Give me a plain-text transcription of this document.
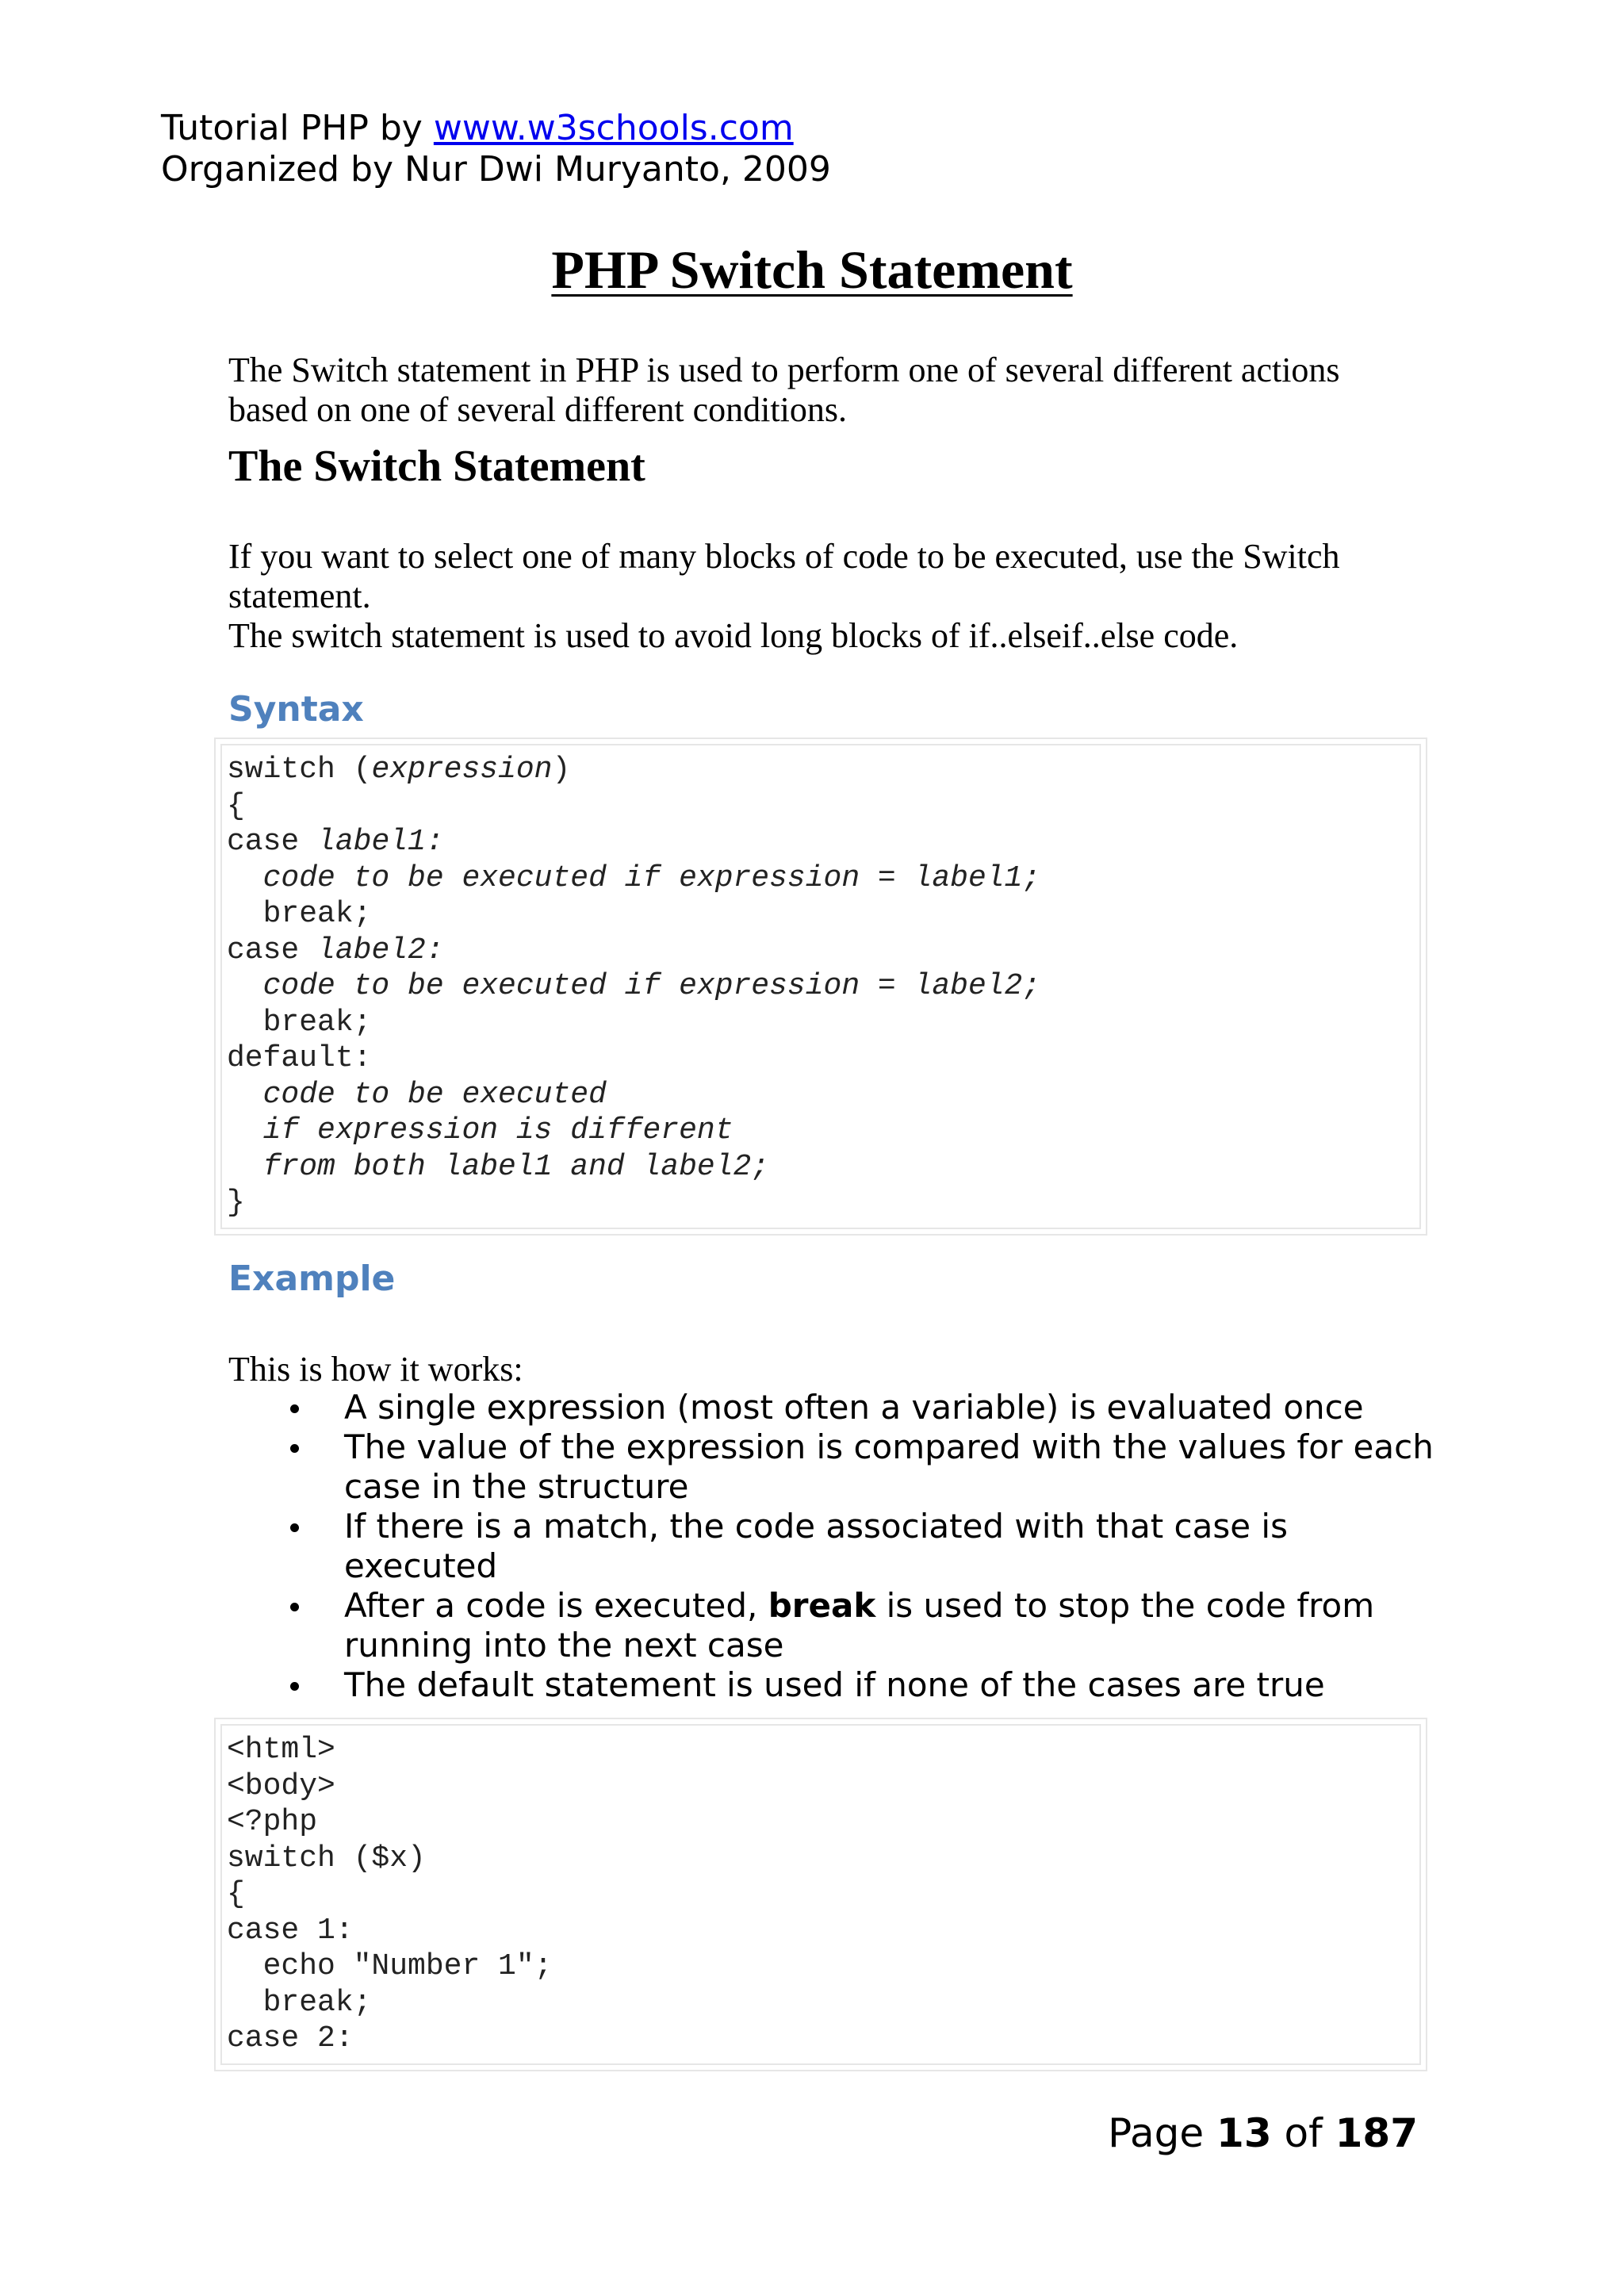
Tutorial PHP by www.w3schools.com
Organized by Nur Dwi Muryanto, 2009
PHP Switch Statement
The Switch statement in PHP is used to perform one of several different actions based on one of several different conditions.
The Switch Statement
If you want to select one of many blocks of code to be executed, use the Switch statement.
The switch statement is used to avoid long blocks of if..elseif..else code.
Syntax
switch (expression)
{
case label1:
code to be executed if expression = label1;
break;
case label2:
code to be executed if expression = label2;
break;
default:
code to be executed
if expression is different
from both label1 and label2;
}
Example
This is how it works:
A single expression (most often a variable) is evaluated once
The value of the expression is compared with the values for each case in the structure
If there is a match, the code associated with that case is executed
After a code is executed, break is used to stop the code from running into the next case
The default statement is used if none of the cases are true
<html>
<body>
<?php
switch ($x)
{
case 1:
echo "Number 1";
break;
case 2:
Page 13 of 187
